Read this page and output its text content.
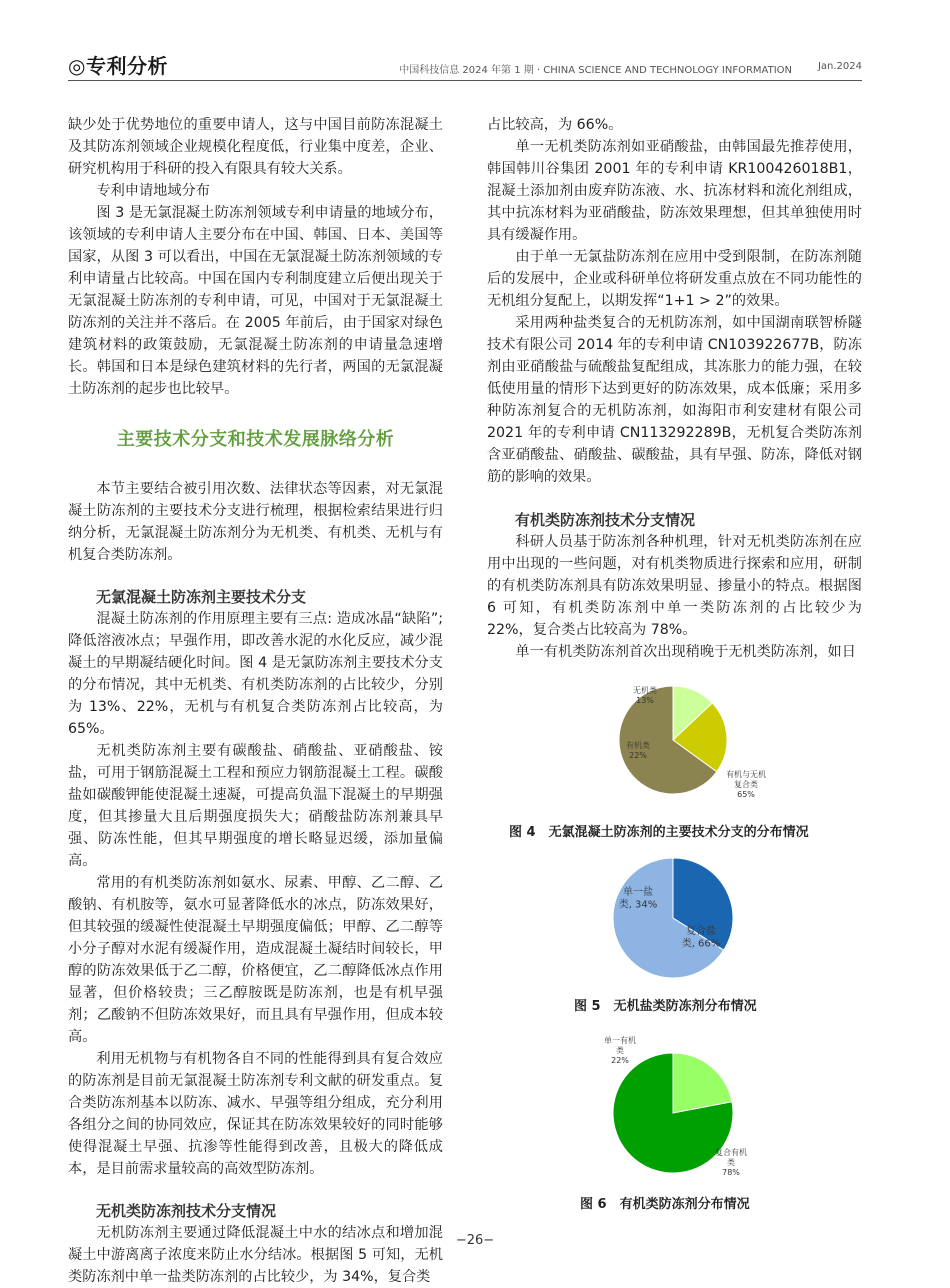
◎专利分析	中国科技信息 2024 年第 1 期 · CHINA SCIENCE AND TECHNOLOGY INFORMATION	Jan.2024

缺少处于优势地位的重要申请人，这与中国目前防冻混凝土及其防冻剂领域企业规模化程度低，行业集中度差，企业、研究机构用于科研的投入有限具有较大关系。

专利申请地域分布

图 3 是无氯混凝土防冻剂领域专利申请量的地域分布，该领域的专利申请人主要分布在中国、韩国、日本、美国等国家，从图 3 可以看出，中国在无氯混凝土防冻剂领域的专利申请量占比较高。中国在国内专利制度建立后便出现关于无氯混凝土防冻剂的专利申请，可见，中国对于无氯混凝土防冻剂的关注并不落后。在 2005 年前后，由于国家对绿色建筑材料的政策鼓励，无氯混凝土防冻剂的申请量急速增长。韩国和日本是绿色建筑材料的先行者，两国的无氯混凝土防冻剂的起步也比较早。

主要技术分支和技术发展脉络分析

本节主要结合被引用次数、法律状态等因素，对无氯混凝土防冻剂的主要技术分支进行梳理，根据检索结果进行归纳分析，无氯混凝土防冻剂分为无机类、有机类、无机与有机复合类防冻剂。

无氯混凝土防冻剂主要技术分支

混凝土防冻剂的作用原理主要有三点: 造成冰晶“缺陷”; 降低溶液冰点；早强作用，即改善水泥的水化反应，减少混凝土的早期凝结硬化时间。图 4 是无氯防冻剂主要技术分支的分布情况，其中无机类、有机类防冻剂的占比较少，分别为 13%、22%，无机与有机复合类防冻剂占比较高，为 65%。

无机类防冻剂主要有碳酸盐、硝酸盐、亚硝酸盐、铵盐，可用于钢筋混凝土工程和预应力钢筋混凝土工程。碳酸盐如碳酸钾能使混凝土速凝，可提高负温下混凝土的早期强度，但其掺量大且后期强度损失大；硝酸盐防冻剂兼具早强、防冻性能，但其早期强度的增长略显迟缓，添加量偏高。

常用的有机类防冻剂如氨水、尿素、甲醇、乙二醇、乙酸钠、有机胺等，氨水可显著降低水的冰点，防冻效果好，但其较强的缓凝性使混凝土早期强度偏低；甲醇、乙二醇等小分子醇对水泥有缓凝作用，造成混凝土凝结时间较长，甲醇的防冻效果低于乙二醇，价格便宜，乙二醇降低冰点作用显著，但价格较贵；三乙醇胺既是防冻剂，也是有机早强剂；乙酸钠不但防冻效果好，而且具有早强作用，但成本较高。

利用无机物与有机物各自不同的性能得到具有复合效应的防冻剂是目前无氯混凝土防冻剂专利文献的研发重点。复合类防冻剂基本以防冻、减水、早强等组分组成，充分利用各组分之间的协同效应，保证其在防冻效果较好的同时能够使得混凝土早强、抗渗等性能得到改善，且极大的降低成本，是目前需求量较高的高效型防冻剂。

无机类防冻剂技术分支情况

无机防冻剂主要通过降低混凝土中水的结冰点和增加混凝土中游离离子浓度来防止水分结冰。根据图 5 可知，无机类防冻剂中单一盐类防冻剂的占比较少，为 34%，复合类

占比较高，为 66%。

单一无机类防冻剂如亚硝酸盐，由韩国最先推荐使用，韩国韩川谷集团 2001 年的专利申请 KR100426018B1，混凝土添加剂由废弃防冻液、水、抗冻材料和流化剂组成，其中抗冻材料为亚硝酸盐，防冻效果理想，但其单独使用时具有缓凝作用。

由于单一无氯盐防冻剂在应用中受到限制，在防冻剂随后的发展中，企业或科研单位将研发重点放在不同功能性的无机组分复配上，以期发挥“1+1 > 2”的效果。

采用两种盐类复合的无机防冻剂，如中国湖南联智桥隧技术有限公司 2014 年的专利申请 CN103922677B，防冻剂由亚硝酸盐与硫酸盐复配组成，其冻胀力的能力强，在较低使用量的情形下达到更好的防冻效果，成本低廉；采用多种防冻剂复合的无机防冻剂，如海阳市利安建材有限公司 2021 年的专利申请 CN113292289B，无机复合类防冻剂含亚硝酸盐、硝酸盐、碳酸盐，具有早强、防冻，降低对钢筋的影响的效果。

有机类防冻剂技术分支情况

科研人员基于防冻剂各种机理，针对无机类防冻剂在应用中出现的一些问题，对有机类物质进行探索和应用，研制的有机类防冻剂具有防冻效果明显、掺量小的特点。根据图 6 可知，有机类防冻剂中单一类防冻剂的占比较少为 22%，复合类占比较高为 78%。

单一有机类防冻剂首次出现稍晚于无机类防冻剂，如日

无机类 13%
有机类 22%
有机与无机复合类 65%
图 4　无氯混凝土防冻剂的主要技术分支的分布情况
单一盐类, 34%
复合盐类, 66%
图 5　无机盐类防冻剂分布情况
单一有机类 22%
复合有机类 78%
图 6　有机类防冻剂分布情况
−26−
